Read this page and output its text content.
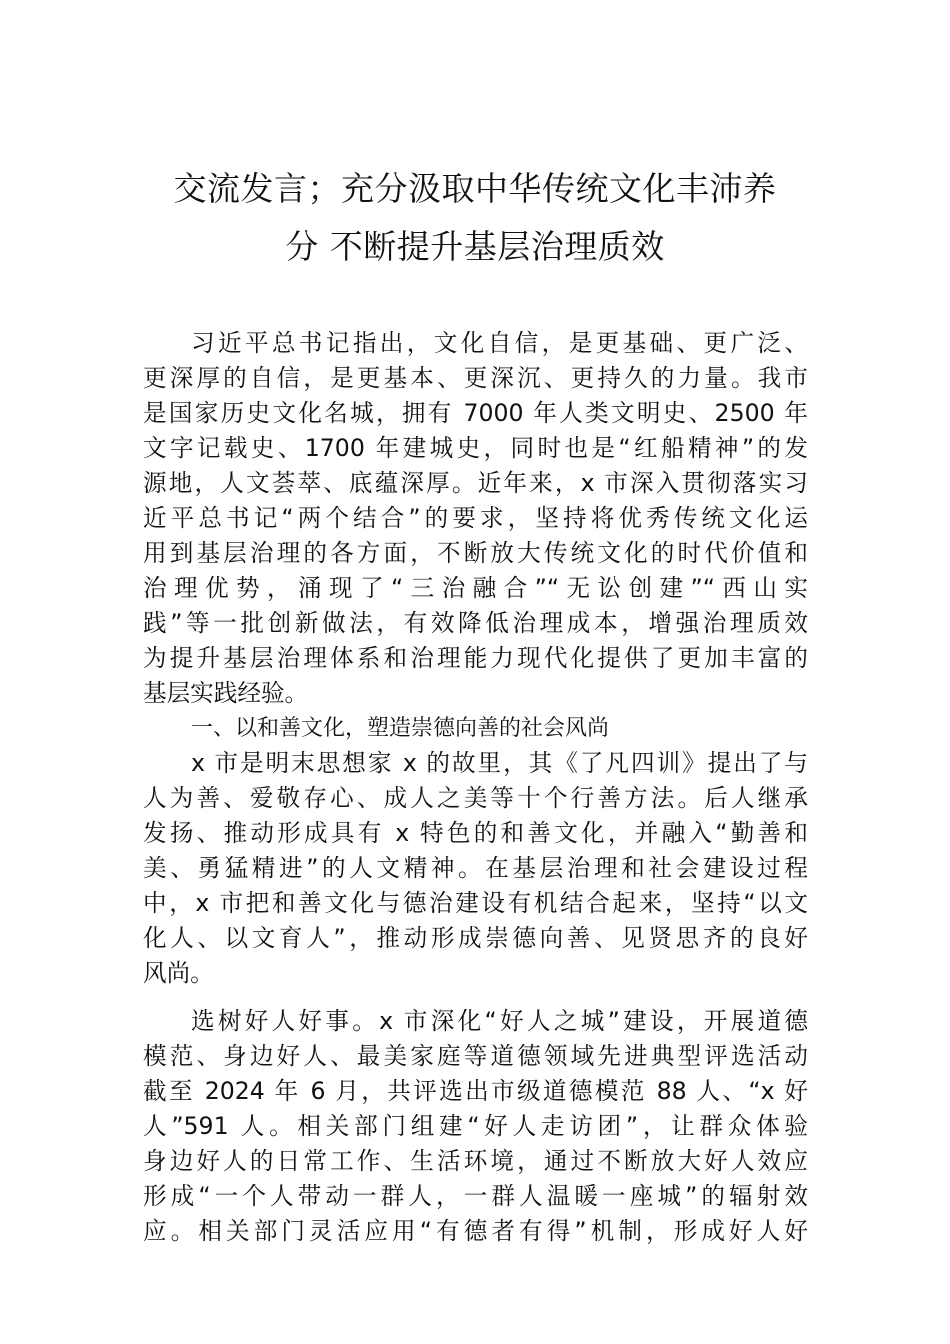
交流发言；充分汲取中华传统文化丰沛养
分 不断提升基层治理质效
习近平总书记指出，文化自信，是更基础、更广泛、
更深厚的自信，是更基本、更深沉、更持久的力量。我市
是国家历史文化名城，拥有 7000 年人类文明史、2500 年
文字记载史、1700 年建城史，同时也是“红船精神”的发
源地，人文荟萃、底蕴深厚。近年来，x 市深入贯彻落实习
近平总书记“两个结合”的要求，坚持将优秀传统文化运
用到基层治理的各方面，不断放大传统文化的时代价值和
治理优势，涌现了“三治融合”“无讼创建”“西山实
践”等一批创新做法，有效降低治理成本，增强治理质效
为提升基层治理体系和治理能力现代化提供了更加丰富的
基层实践经验。
一、以和善文化，塑造崇德向善的社会风尚
x 市是明末思想家 x 的故里，其《了凡四训》提出了与
人为善、爱敬存心、成人之美等十个行善方法。后人继承
发扬、推动形成具有 x 特色的和善文化，并融入“勤善和
美、勇猛精进”的人文精神。在基层治理和社会建设过程
中，x 市把和善文化与德治建设有机结合起来，坚持“以文
化人、以文育人”，推动形成崇德向善、见贤思齐的良好
风尚。
选树好人好事。x 市深化“好人之城”建设，开展道德
模范、身边好人、最美家庭等道德领域先进典型评选活动
截至 2024 年 6 月，共评选出市级道德模范 88 人、“x 好
人”591 人。相关部门组建“好人走访团”，让群众体验
身边好人的日常工作、生活环境，通过不断放大好人效应
形成“一个人带动一群人，一群人温暖一座城”的辐射效
应。相关部门灵活应用“有德者有得”机制，形成好人好
